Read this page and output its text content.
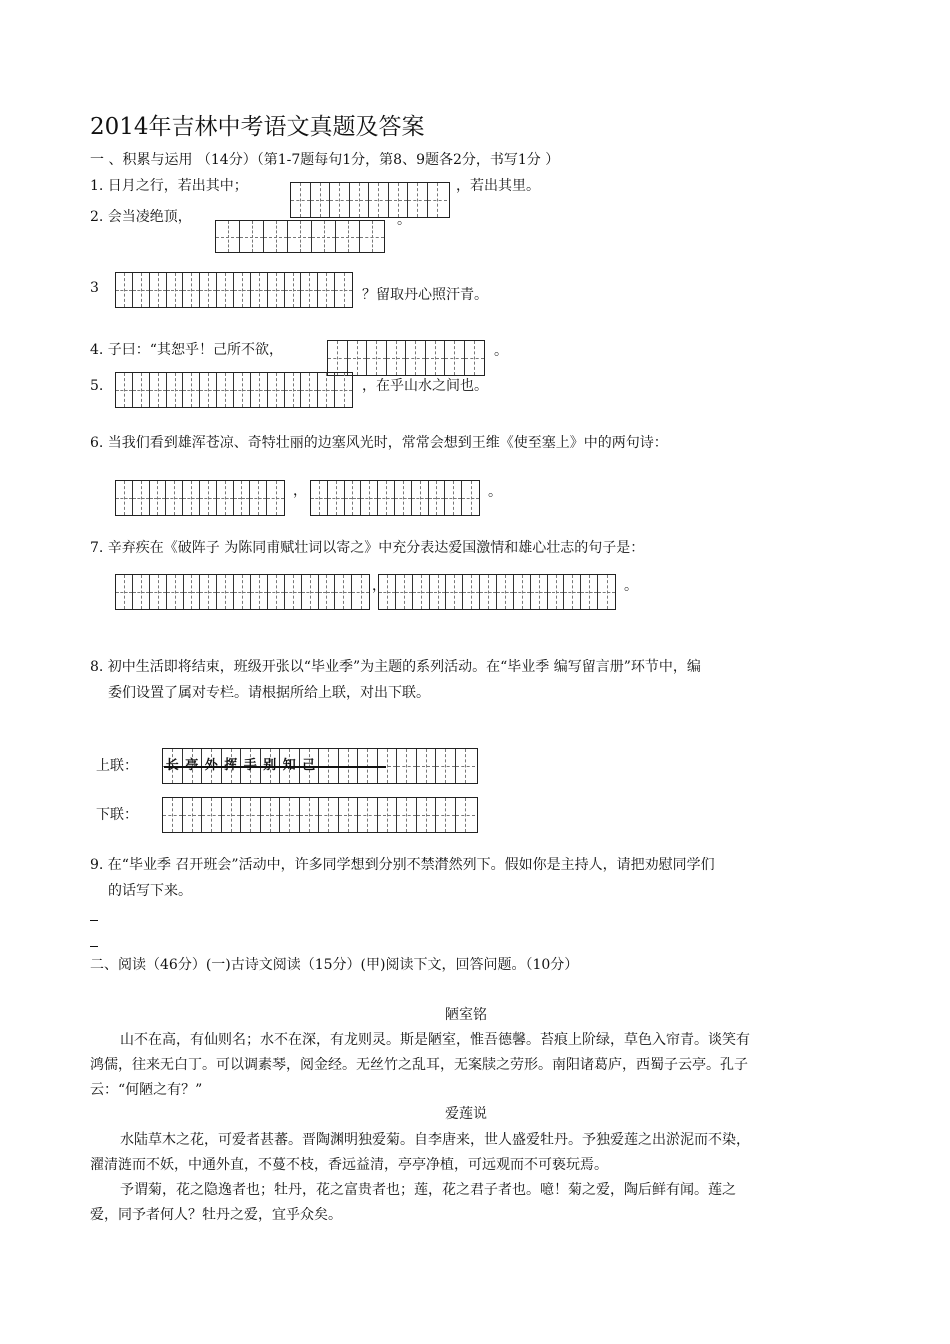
2014年吉林中考语文真题及答案
一 、积累与运用 （14分）（第1-7题每句1分，第8、9题各2分，书写1分 ）
1. 日月之行，若出其中；	，若出其里。
2. 会当凌绝顶，	。
3	？留取丹心照汗青。
4. 子曰：“其恕乎！己所不欲，	。
5.	，在乎山水之间也。
6. 当我们看到雄浑苍凉、奇特壮丽的边塞风光时，常常会想到王维《使至塞上》中的两句诗：
，	。
7. 辛弃疾在《破阵子 为陈同甫赋壮词以寄之》中充分表达爱国激情和雄心壮志的句子是：
，	。
8. 初中生活即将结束，班级开张以“毕业季”为主题的系列活动。在“毕业季 编写留言册”环节中，编
委们设置了属对专栏。请根据所给上联，对出下联。
上联： 长 亭 外 挥 手 别 知 己
下联：
9. 在“毕业季 召开班会”活动中，许多同学想到分别不禁潸然列下。假如你是主持人，请把劝慰同学们
的话写下来。
二、阅读（46分）(一)古诗文阅读（15分）(甲)阅读下文，回答问题。（10分）
陋室铭
山不在高，有仙则名；水不在深，有龙则灵。斯是陋室，惟吾德馨。苔痕上阶绿，草色入帘青。谈笑有
鸿儒，往来无白丁。可以调素琴，阅金经。无丝竹之乱耳，无案牍之劳形。南阳诸葛庐，西蜀子云亭。孔子
云：“何陋之有？”
爱莲说
水陆草木之花，可爱者甚蕃。晋陶渊明独爱菊。自李唐来，世人盛爱牡丹。予独爱莲之出淤泥而不染，
濯清涟而不妖，中通外直，不蔓不枝，香远益清，亭亭净植，可远观而不可亵玩焉。
予谓菊，花之隐逸者也；牡丹，花之富贵者也；莲，花之君子者也。噫！菊之爱，陶后鲜有闻。莲之
爱，同予者何人？牡丹之爱，宜乎众矣。
